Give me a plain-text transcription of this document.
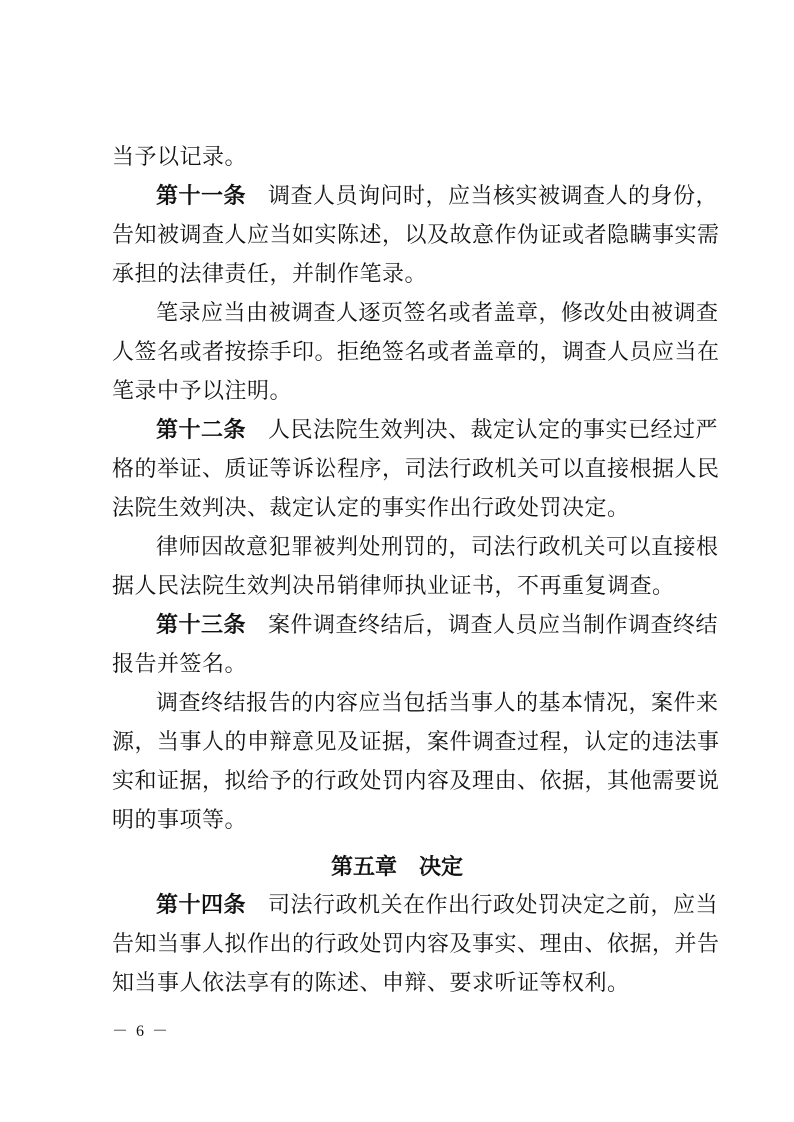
当予以记录。
第十一条 调查人员询问时，应当核实被调查人的身份，
告知被调查人应当如实陈述，以及故意作伪证或者隐瞒事实需
承担的法律责任，并制作笔录。
笔录应当由被调查人逐页签名或者盖章，修改处由被调查
人签名或者按捺手印。拒绝签名或者盖章的，调查人员应当在
笔录中予以注明。
第十二条 人民法院生效判决、裁定认定的事实已经过严
格的举证、质证等诉讼程序，司法行政机关可以直接根据人民
法院生效判决、裁定认定的事实作出行政处罚决定。
律师因故意犯罪被判处刑罚的，司法行政机关可以直接根
据人民法院生效判决吊销律师执业证书，不再重复调查。
第十三条 案件调查终结后，调查人员应当制作调查终结
报告并签名。
调查终结报告的内容应当包括当事人的基本情况，案件来
源，当事人的申辩意见及证据，案件调查过程，认定的违法事
实和证据，拟给予的行政处罚内容及理由、依据，其他需要说
明的事项等。
第五章 决定
第十四条 司法行政机关在作出行政处罚决定之前，应当
告知当事人拟作出的行政处罚内容及事实、理由、依据，并告
知当事人依法享有的陈述、申辩、要求听证等权利。
－ 6 －
